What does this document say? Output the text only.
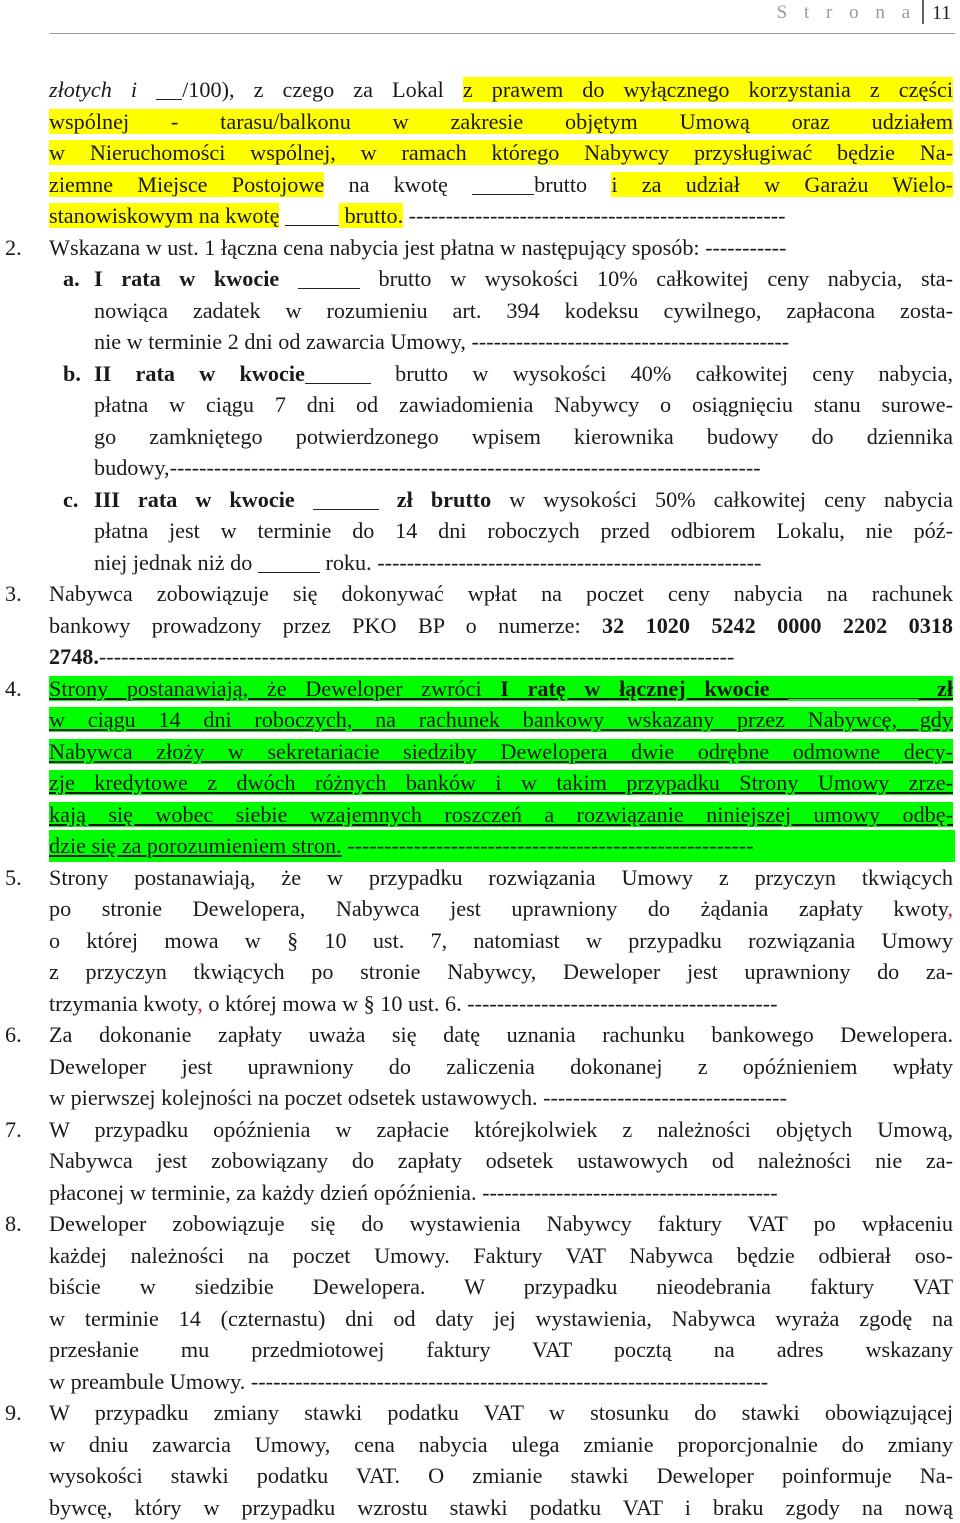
S t r o n a 11
złotych i /100), z czego za Lokal z prawem do wyłącznego korzystania z części
wspólnej - tarasu/balkonu w zakresie objętym Umową oraz udziałem
w Nieruchomości wspólnej, w ramach którego Nabywcy przysługiwać będzie Na-
ziemne Miejsce Postojowe na kwotę	brutto i za udział w Garażu Wielo-
stanowiskowym na kwotę	brutto. ---------------------------------------------------
2. Wskazana w ust. 1 łączna cena nabycia jest płatna w następujący sposób: -----------
a. I rata w kwocie	brutto w wysokości 10% całkowitej ceny nabycia, sta-
nowiąca zadatek w rozumieniu art. 394 kodeksu cywilnego, zapłacona zosta-
nie w terminie 2 dni od zawarcia Umowy, -------------------------------------------
b. II rata w kwocie	brutto w wysokości 40% całkowitej ceny nabycia,
płatna w ciągu 7 dni od zawiadomienia Nabywcy o osiągnięciu stanu surowe-
go zamkniętego potwierdzonego wpisem kierownika budowy do dziennika
budowy,--------------------------------------------------------------------------------
c. III rata w kwocie	zł brutto w wysokości 50% całkowitej ceny nabycia
płatna jest w terminie do 14 dni roboczych przed odbiorem Lokalu, nie póź-
niej jednak niż do	roku. ----------------------------------------------------
3. Nabywca zobowiązuje się dokonywać wpłat na poczet ceny nabycia na rachunek
bankowy prowadzony przez PKO BP o numerze: 32 1020 5242 0000 2202 0318
2748.--------------------------------------------------------------------------------------
4. Strony postanawiają, że Deweloper zwróci I ratę w łącznej kwocie	zł
w ciągu 14 dni roboczych, na rachunek bankowy wskazany przez Nabywcę, gdy
Nabywca złoży w sekretariacie siedziby Dewelopera dwie odrębne odmowne decy-
zje kredytowe z dwóch różnych banków i w takim przypadku Strony Umowy zrze-
kają się wobec siebie wzajemnych roszczeń a rozwiązanie niniejszej umowy odbę-
dzie się za porozumieniem stron. -------------------------------------------------------
5. Strony postanawiają, że w przypadku rozwiązania Umowy z przyczyn tkwiących
po stronie Dewelopera, Nabywca jest uprawniony do żądania zapłaty kwoty,
o której mowa w § 10 ust. 7, natomiast w przypadku rozwiązania Umowy
z przyczyn tkwiących po stronie Nabywcy, Deweloper jest uprawniony do za-
trzymania kwoty, o której mowa w § 10 ust. 6. ------------------------------------------
6. Za dokonanie zapłaty uważa się datę uznania rachunku bankowego Dewelopera.
Deweloper jest uprawniony do zaliczenia dokonanej z opóźnieniem wpłaty
w pierwszej kolejności na poczet odsetek ustawowych. ---------------------------------
7. W przypadku opóźnienia w zapłacie którejkolwiek z należności objętych Umową,
Nabywca jest zobowiązany do zapłaty odsetek ustawowych od należności nie za-
płaconej w terminie, za każdy dzień opóźnienia. ----------------------------------------
8. Deweloper zobowiązuje się do wystawienia Nabywcy faktury VAT po wpłaceniu
każdej należności na poczet Umowy. Faktury VAT Nabywca będzie odbierał oso-
biście w siedzibie Dewelopera. W przypadku nieodebrania faktury VAT
w terminie 14 (czternastu) dni od daty jej wystawienia, Nabywca wyraża zgodę na
przesłanie mu przedmiotowej faktury VAT pocztą na adres wskazany
w preambule Umowy. ----------------------------------------------------------------------
9. W przypadku zmiany stawki podatku VAT w stosunku do stawki obowiązującej
w dniu zawarcia Umowy, cena nabycia ulega zmianie proporcjonalnie do zmiany
wysokości stawki podatku VAT. O zmianie stawki Deweloper poinformuje Na-
bywcę, który w przypadku wzrostu stawki podatku VAT i braku zgody na nową
